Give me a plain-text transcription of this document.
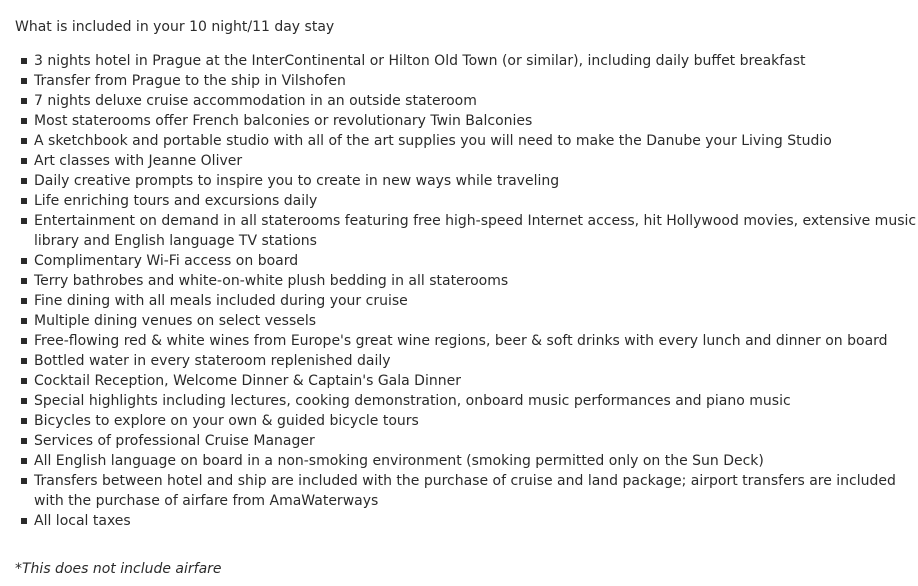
What is included in your 10 night/11 day stay
3 nights hotel in Prague at the InterContinental or Hilton Old Town (or similar), including daily buffet breakfast
Transfer from Prague to the ship in Vilshofen
7 nights deluxe cruise accommodation in an outside stateroom
Most staterooms offer French balconies or revolutionary Twin Balconies
A sketchbook and portable studio with all of the art supplies you will need to make the Danube your Living Studio
Art classes with Jeanne Oliver
Daily creative prompts to inspire you to create in new ways while traveling
Life enriching tours and excursions daily
Entertainment on demand in all staterooms featuring free high-speed Internet access, hit Hollywood movies, extensive music library and English language TV stations
Complimentary Wi-Fi access on board
Terry bathrobes and white-on-white plush bedding in all staterooms
Fine dining with all meals included during your cruise
Multiple dining venues on select vessels
Free-flowing red & white wines from Europe's great wine regions, beer & soft drinks with every lunch and dinner on board
Bottled water in every stateroom replenished daily
Cocktail Reception, Welcome Dinner & Captain's Gala Dinner
Special highlights including lectures, cooking demonstration, onboard music performances and piano music
Bicycles to explore on your own & guided bicycle tours
Services of professional Cruise Manager
All English language on board in a non-smoking environment (smoking permitted only on the Sun Deck)
Transfers between hotel and ship are included with the purchase of cruise and land package; airport transfers are included with the purchase of airfare from AmaWaterways
All local taxes
*This does not include airfare
